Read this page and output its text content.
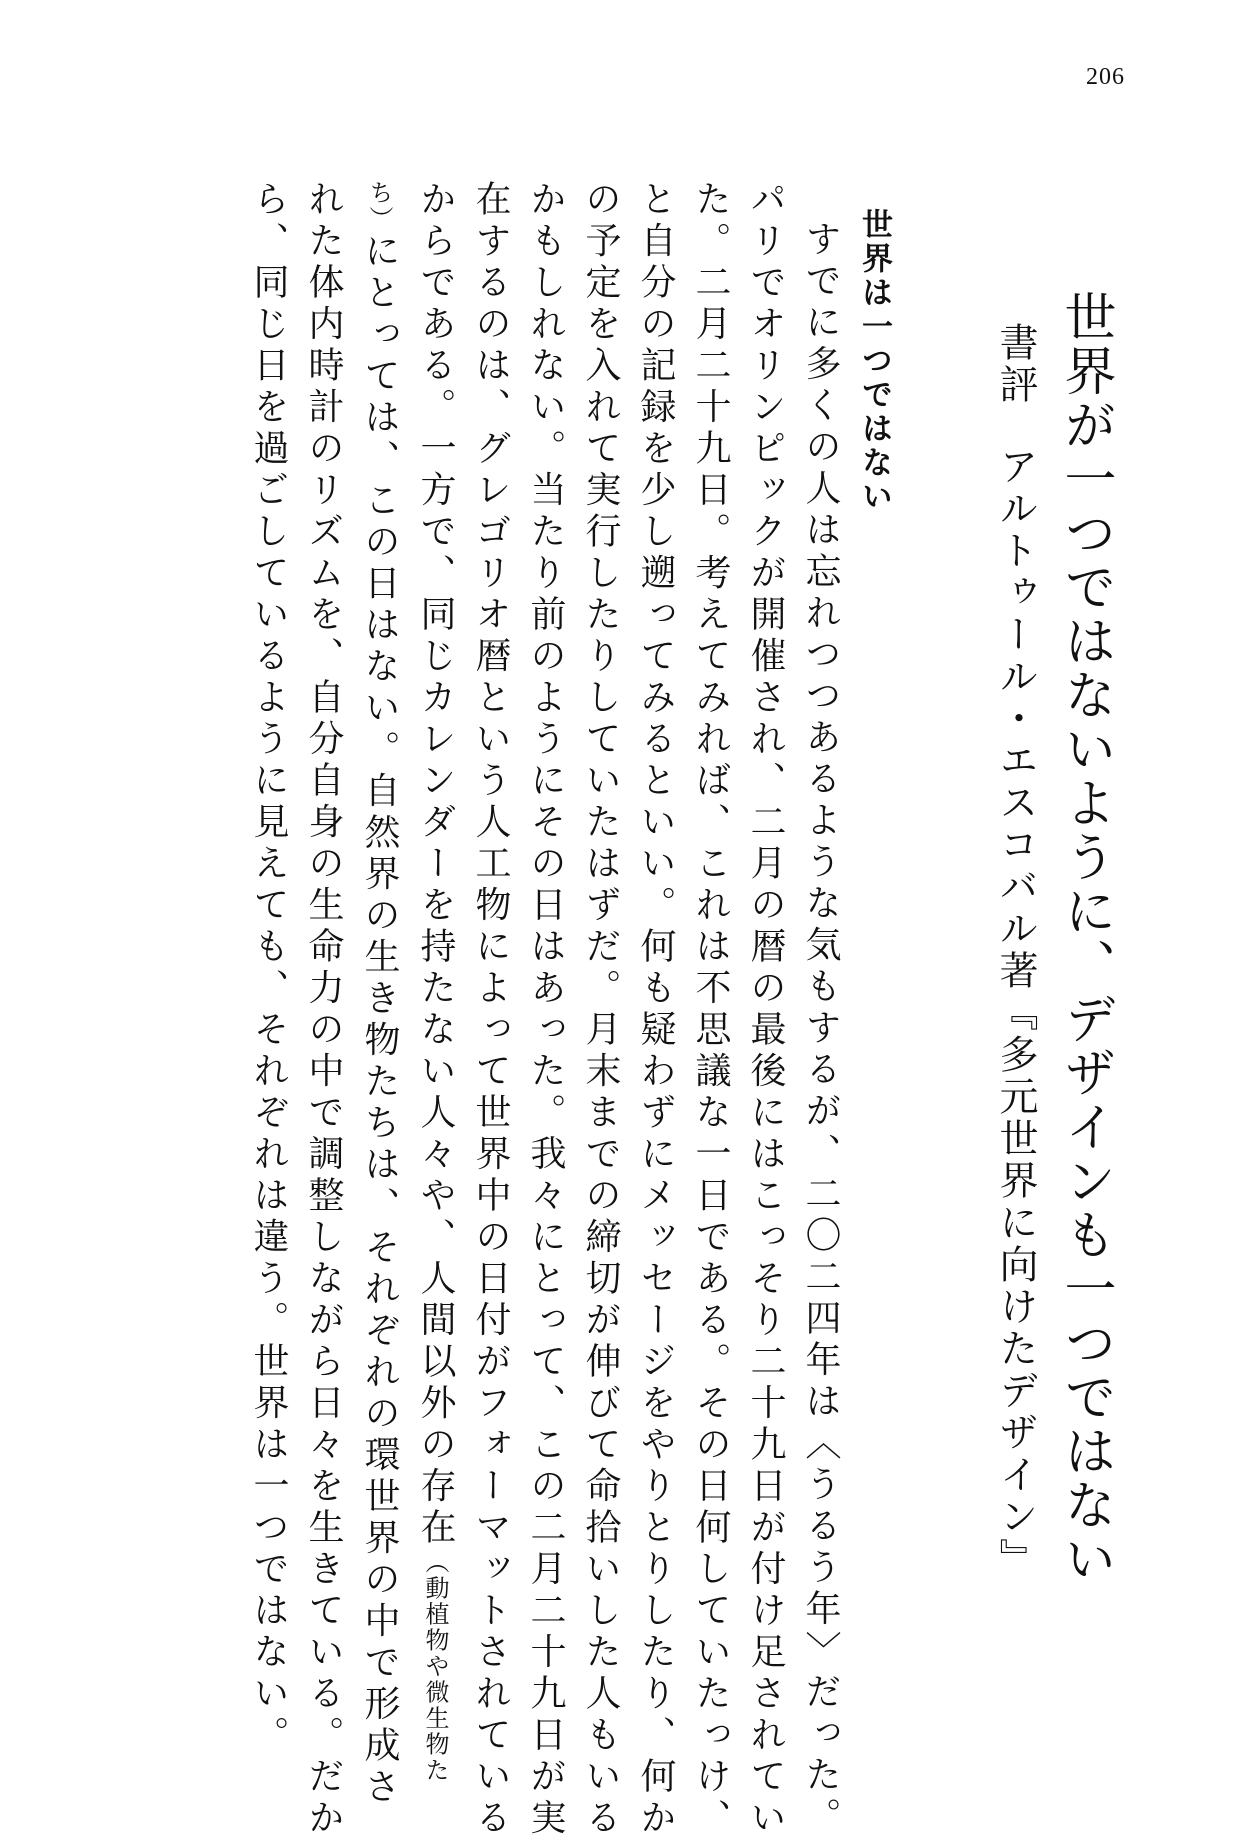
206
世界が一つではないように、デザインも一つではない
書評アルトゥール・エスコバル著『多元世界に向けたデザイン』
世界は一つではない
すでに多くの人は忘れつつあるような気もするが、二〇二四年は〈うるう年〉だった。
パリでオリンピックが開催され、二月の暦の最後にはこっそり二十九日が付け足されてい
た。二月二十九日。考えてみれば、これは不思議な一日である。その日何していたっけ、
と自分の記録を少し遡ってみるといい。何も疑わずにメッセージをやりとりしたり、何か
の予定を入れて実行したりしていたはずだ。月末までの締切が伸びて命拾いした人もいる
かもしれない。当たり前のようにその日はあった。我々にとって、この二月二十九日が実
在するのは、グレゴリオ暦という人工物によって世界中の日付がフォーマットされている
からである。一方で、同じカレンダーを持たない人々や、人間以外の存在（動植物や微生物た
ち）にとっては、この日はない。自然界の生き物たちは、それぞれの環世界の中で形成さ
れた体内時計のリズムを、自分自身の生命力の中で調整しながら日々を生きている。だか
ら、同じ日を過ごしているように見えても、それぞれは違う。世界は一つではない。
